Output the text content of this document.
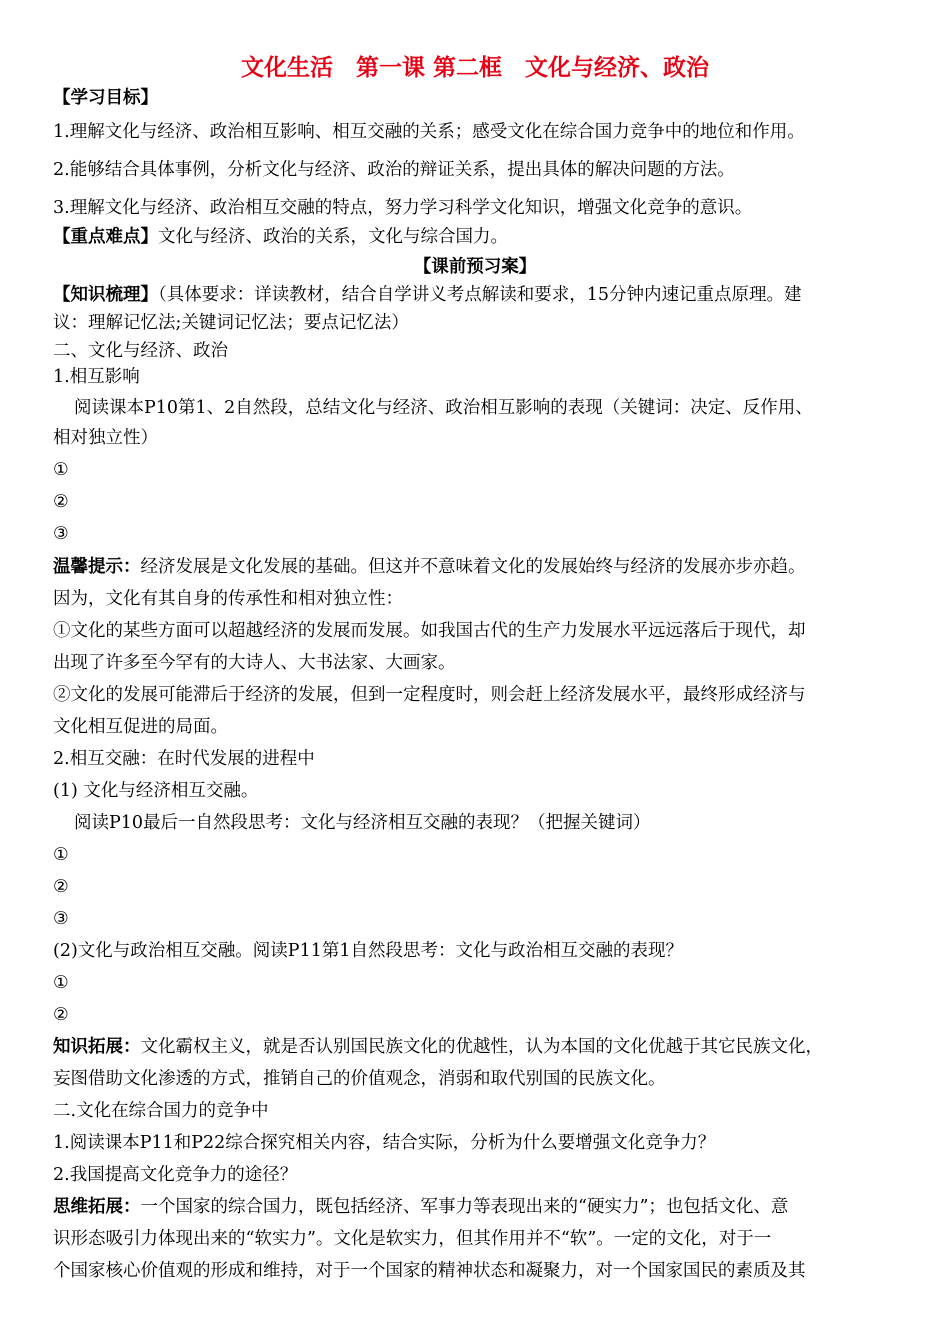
文化生活　第一课 第二框　文化与经济、政治
【学习目标】
1.理解文化与经济、政治相互影响、相互交融的关系；感受文化在综合国力竞争中的地位和作用。
2.能够结合具体事例，分析文化与经济、政治的辩证关系，提出具体的解决问题的方法。
3.理解文化与经济、政治相互交融的特点，努力学习科学文化知识，增强文化竞争的意识。
【重点难点】文化与经济、政治的关系，文化与综合国力。
【课前预习案】
【知识梳理】（具体要求：详读教材，结合自学讲义考点解读和要求，15分钟内速记重点原理。建
议：理解记忆法;关键词记忆法；要点记忆法）
二、文化与经济、政治
1.相互影响
阅读课本P10第1、2自然段，总结文化与经济、政治相互影响的表现（关键词：决定、反作用、
相对独立性）
①
②
③
温馨提示：经济发展是文化发展的基础。但这并不意味着文化的发展始终与经济的发展亦步亦趋。
因为，文化有其自身的传承性和相对独立性：
①文化的某些方面可以超越经济的发展而发展。如我国古代的生产力发展水平远远落后于现代，却
出现了许多至今罕有的大诗人、大书法家、大画家。
②文化的发展可能滞后于经济的发展，但到一定程度时，则会赶上经济发展水平，最终形成经济与
文化相互促进的局面。
2.相互交融：在时代发展的进程中
(1) 文化与经济相互交融。
阅读P10最后一自然段思考：文化与经济相互交融的表现？（把握关键词）
①
②
③
(2)文化与政治相互交融。阅读P11第1自然段思考：文化与政治相互交融的表现？
①
②
知识拓展：文化霸权主义，就是否认别国民族文化的优越性，认为本国的文化优越于其它民族文化，
妄图借助文化渗透的方式，推销自己的价值观念，消弱和取代别国的民族文化。
二.文化在综合国力的竞争中
1.阅读课本P11和P22综合探究相关内容，结合实际，分析为什么要增强文化竞争力？
2.我国提高文化竞争力的途径？
思维拓展：一个国家的综合国力，既包括经济、军事力等表现出来的“硬实力”；也包括文化、意
识形态吸引力体现出来的“软实力”。文化是软实力，但其作用并不“软”。一定的文化，对于一
个国家核心价值观的形成和维持，对于一个国家的精神状态和凝聚力，对一个国家国民的素质及其
